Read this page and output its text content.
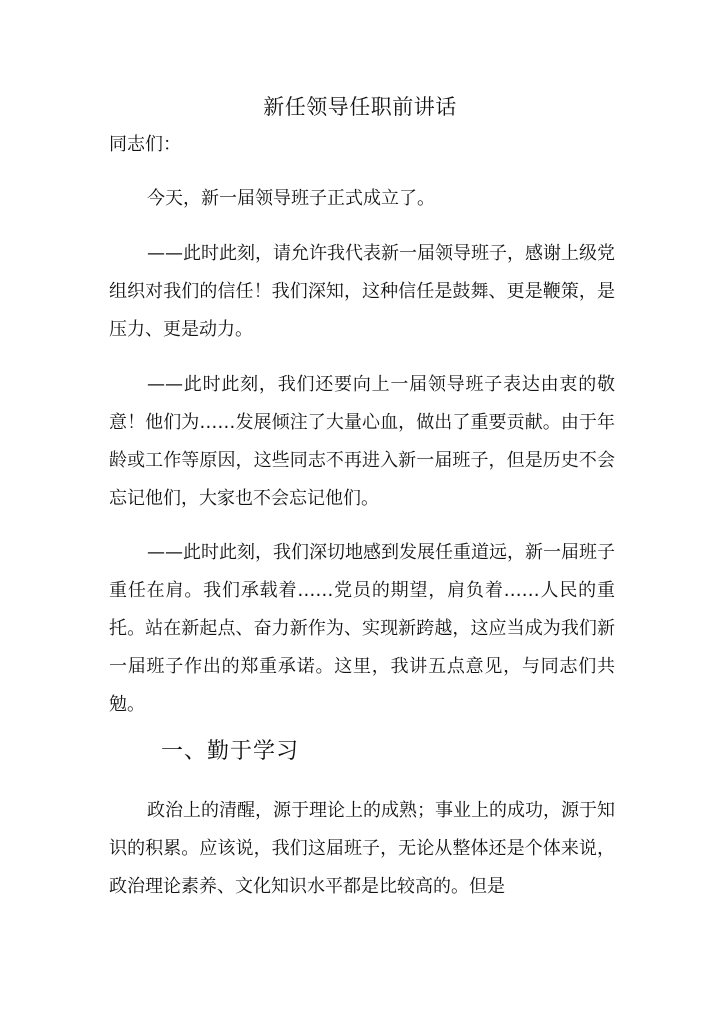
新任领导任职前讲话
同志们：

今天，新一届领导班子正式成立了。

——此时此刻，请允许我代表新一届领导班子，感谢上级党组织对我们的信任！我们深知，这种信任是鼓舞、更是鞭策，是压力、更是动力。

——此时此刻，我们还要向上一届领导班子表达由衷的敬意！他们为……发展倾注了大量心血，做出了重要贡献。由于年龄或工作等原因，这些同志不再进入新一届班子，但是历史不会忘记他们，大家也不会忘记他们。

——此时此刻，我们深切地感到发展任重道远，新一届班子重任在肩。我们承载着……党员的期望，肩负着……人民的重托。站在新起点、奋力新作为、实现新跨越，这应当成为我们新一届班子作出的郑重承诺。这里，我讲五点意见，与同志们共勉。

一、勤于学习

政治上的清醒，源于理论上的成熟；事业上的成功，源于知识的积累。应该说，我们这届班子，无论从整体还是个体来说，政治理论素养、文化知识水平都是比较高的。但是
